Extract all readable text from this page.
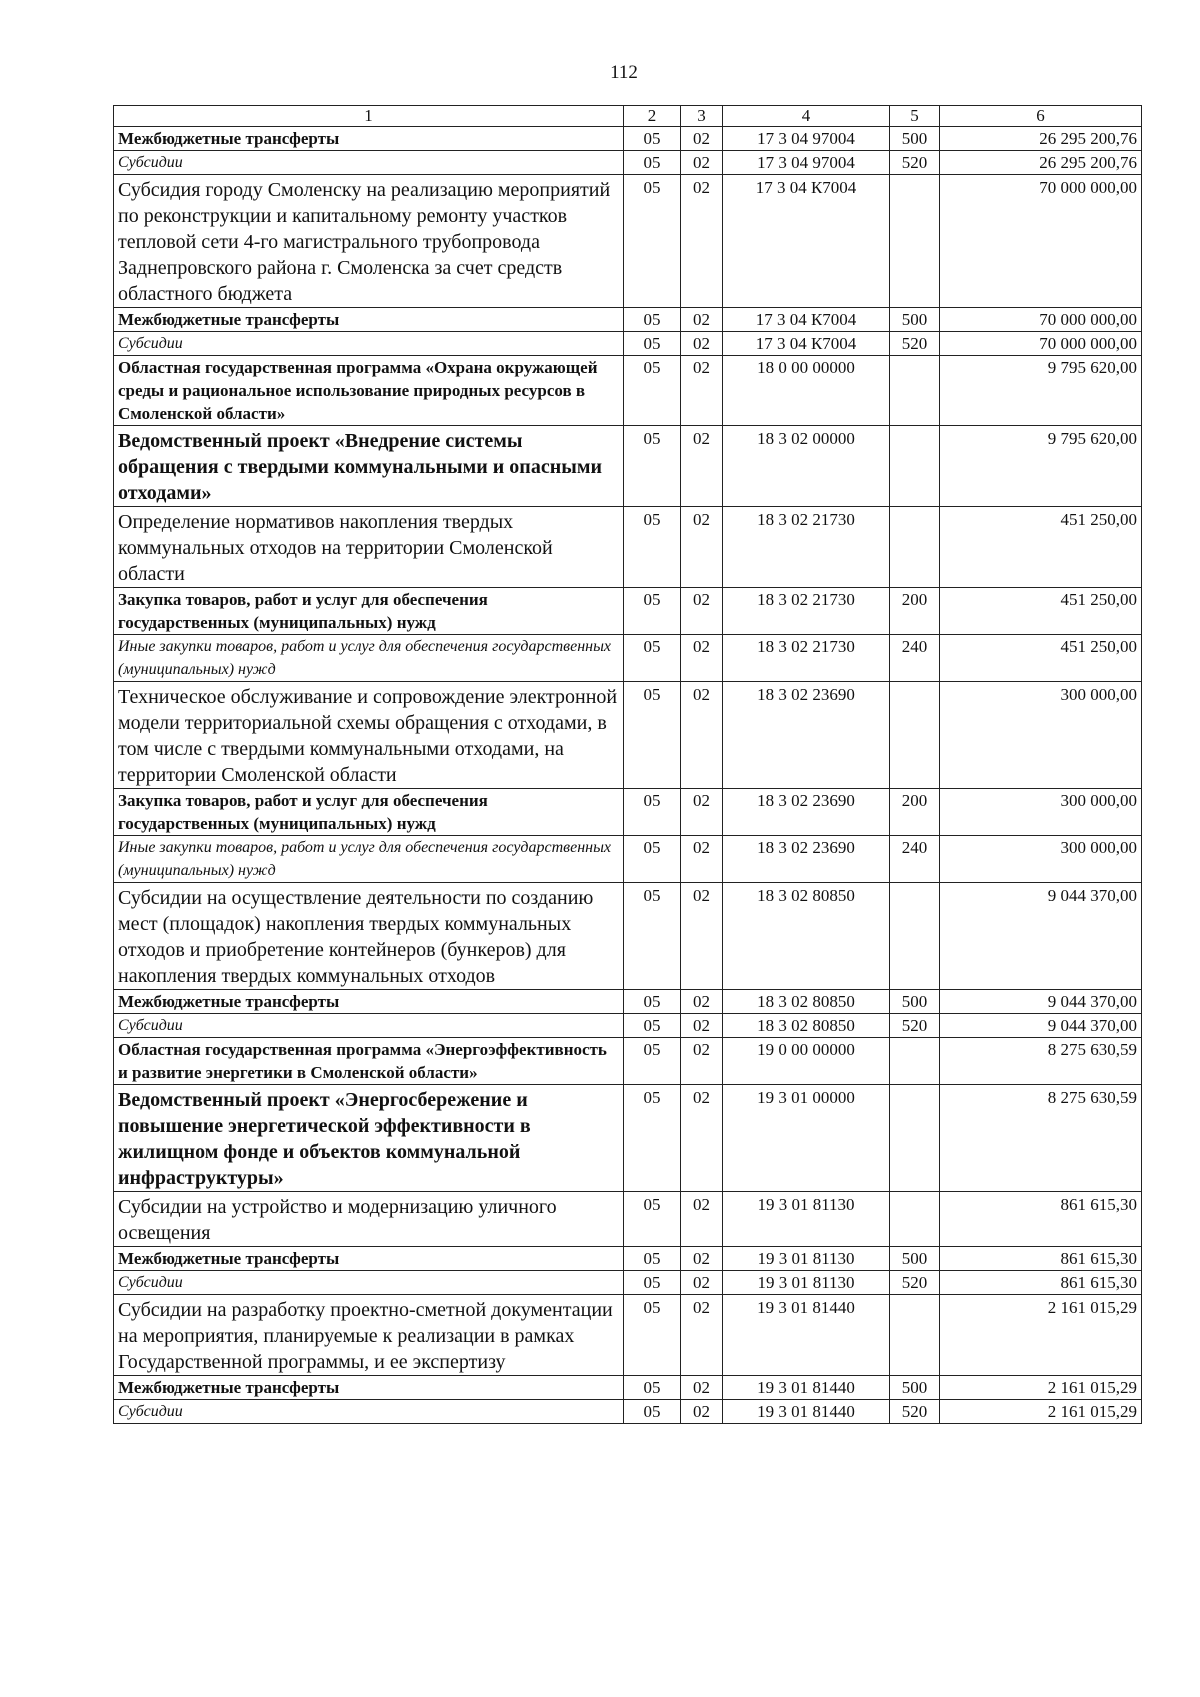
112
1	2	3	4	5	6
Межбюджетные трансферты	05	02	17 3 04 97004	500	26 295 200,76
Субсидии	05	02	17 3 04 97004	520	26 295 200,76
Субсидия городу Смоленску на реализацию мероприятий по реконструкции и капитальному ремонту участков тепловой сети 4-го магистрального трубопровода Заднепровского района г. Смоленска за счет средств областного бюджета	05	02	17 3 04 К7004		70 000 000,00
Межбюджетные трансферты	05	02	17 3 04 К7004	500	70 000 000,00
Субсидии	05	02	17 3 04 К7004	520	70 000 000,00
Областная государственная программа «Охрана окружающей среды и рациональное использование природных ресурсов в Смоленской области»	05	02	18 0 00 00000		9 795 620,00
Ведомственный проект «Внедрение системы обращения с твердыми коммунальными и опасными отходами»	05	02	18 3 02 00000		9 795 620,00
Определение нормативов накопления твердых коммунальных отходов на территории Смоленской области	05	02	18 3 02 21730		451 250,00
Закупка товаров, работ и услуг для обеспечения государственных (муниципальных) нужд	05	02	18 3 02 21730	200	451 250,00
Иные закупки товаров, работ и услуг для обеспечения государственных (муниципальных) нужд	05	02	18 3 02 21730	240	451 250,00
Техническое обслуживание и сопровождение электронной модели территориальной схемы обращения с отходами, в том числе с твердыми коммунальными отходами, на территории Смоленской области	05	02	18 3 02 23690		300 000,00
Закупка товаров, работ и услуг для обеспечения государственных (муниципальных) нужд	05	02	18 3 02 23690	200	300 000,00
Иные закупки товаров, работ и услуг для обеспечения государственных (муниципальных) нужд	05	02	18 3 02 23690	240	300 000,00
Субсидии на осуществление деятельности по созданию мест (площадок) накопления твердых коммунальных отходов и приобретение контейнеров (бункеров) для накопления твердых коммунальных отходов	05	02	18 3 02 80850		9 044 370,00
Межбюджетные трансферты	05	02	18 3 02 80850	500	9 044 370,00
Субсидии	05	02	18 3 02 80850	520	9 044 370,00
Областная государственная программа «Энергоэффективность и развитие энергетики в Смоленской области»	05	02	19 0 00 00000		8 275 630,59
Ведомственный проект «Энергосбережение и повышение энергетической эффективности в жилищном фонде и объектов коммунальной инфраструктуры»	05	02	19 3 01 00000		8 275 630,59
Субсидии на устройство и модернизацию уличного освещения	05	02	19 3 01 81130		861 615,30
Межбюджетные трансферты	05	02	19 3 01 81130	500	861 615,30
Субсидии	05	02	19 3 01 81130	520	861 615,30
Субсидии на разработку проектно-сметной документации на мероприятия, планируемые к реализации в рамках Государственной программы, и ее экспертизу	05	02	19 3 01 81440		2 161 015,29
Межбюджетные трансферты	05	02	19 3 01 81440	500	2 161 015,29
Субсидии	05	02	19 3 01 81440	520	2 161 015,29
